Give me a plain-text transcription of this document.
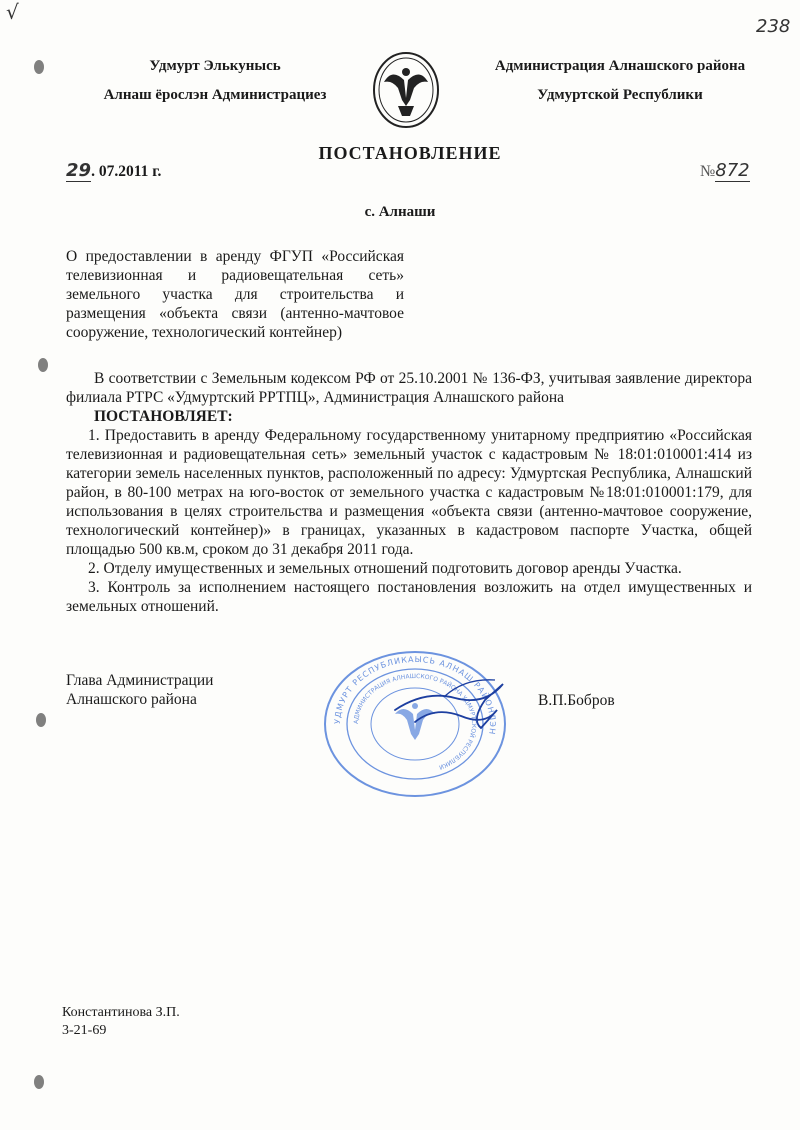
√
238
Удмурт Элькунысь
Алнаш ёрослэн Администрациез
Администрация Алнашского района
Удмуртской Республики
ПОСТАНОВЛЕНИЕ
29. 07.2011 г.	№872
с. Алнаши
О предоставлении в аренду ФГУП «Российская телевизионная и радиовещательная сеть» земельного участка для строительства и размещения «объекта связи (антенно-мачтовое сооружение, технологический контейнер)

В соответствии с Земельным кодексом РФ от 25.10.2001 № 136-ФЗ, учитывая заявление директора филиала РТРС «Удмуртский РРТПЦ», Администрация Алнашского района

ПОСТАНОВЛЯЕТ:

1. Предоставить в аренду Федеральному государственному унитарному предприятию «Российская телевизионная и радиовещательная сеть» земельный участок с кадастровым № 18:01:010001:414 из категории земель населенных пунктов, расположенный по адресу: Удмуртская Республика, Алнашский район, в 80-100 метрах на юго-восток от земельного участка с кадастровым №18:01:010001:179, для использования в целях строительства и размещения «объекта связи (антенно-мачтовое сооружение, технологический контейнер)» в границах, указанных в кадастровом паспорте Участка, общей площадью 500 кв.м, сроком до 31 декабря 2011 года.

2. Отделу имущественных и земельных отношений подготовить договор аренды Участка.

3. Контроль за исполнением настоящего постановления возложить на отдел имущественных и земельных отношений.

Глава Администрации
Алнашского района	В.П.Бобров
УДМУРТ РЕСПУБЛИКАЫСЬ АЛНАШ РАЙОНЛЭН
АДМИНИСТРАЦИЯ АЛНАШСКОГО РАЙОНА УДМУРТСКОЙ РЕСПУБЛИКИ
Константинова З.П.
3-21-69
